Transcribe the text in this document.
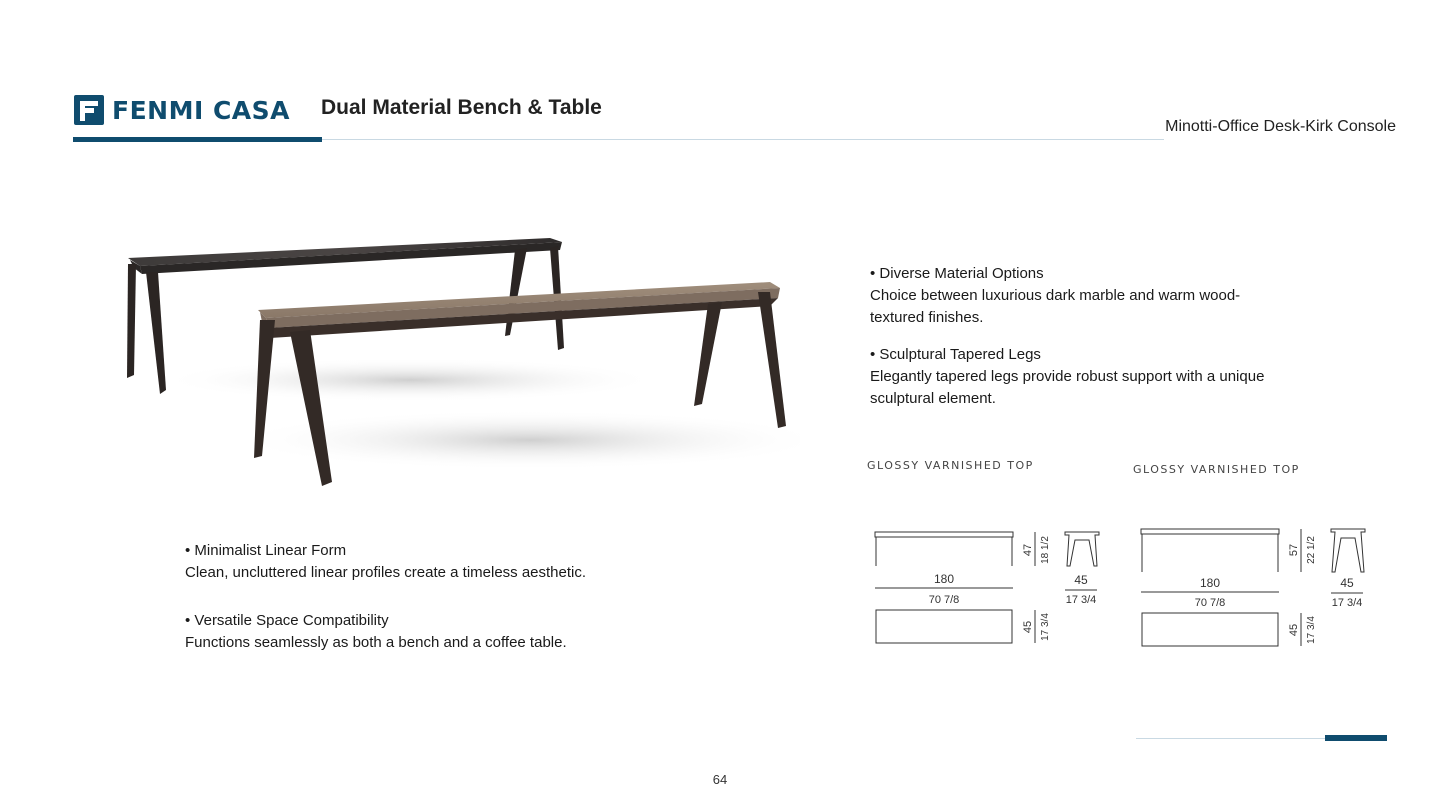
FENMI CASA Dual Material Bench & Table
Minotti-Office Desk-Kirk Console
• Minimalist Linear Form
Clean, uncluttered linear profiles create a timeless aesthetic.
• Versatile Space Compatibility
Functions seamlessly as both a bench and a coffee table.
• Diverse Material Options
Choice between luxurious dark marble and warm wood-
textured finishes.
• Sculptural Tapered Legs
Elegantly tapered legs provide robust support with a unique
sculptural element.
GLOSSY VARNISHED TOP
180
70 7/8
47 18 1/2
45
17 3/4
45 17 3/4
GLOSSY VARNISHED TOP
180
70 7/8
57 22 1/2
45
17 3/4
45 17 3/4
64
